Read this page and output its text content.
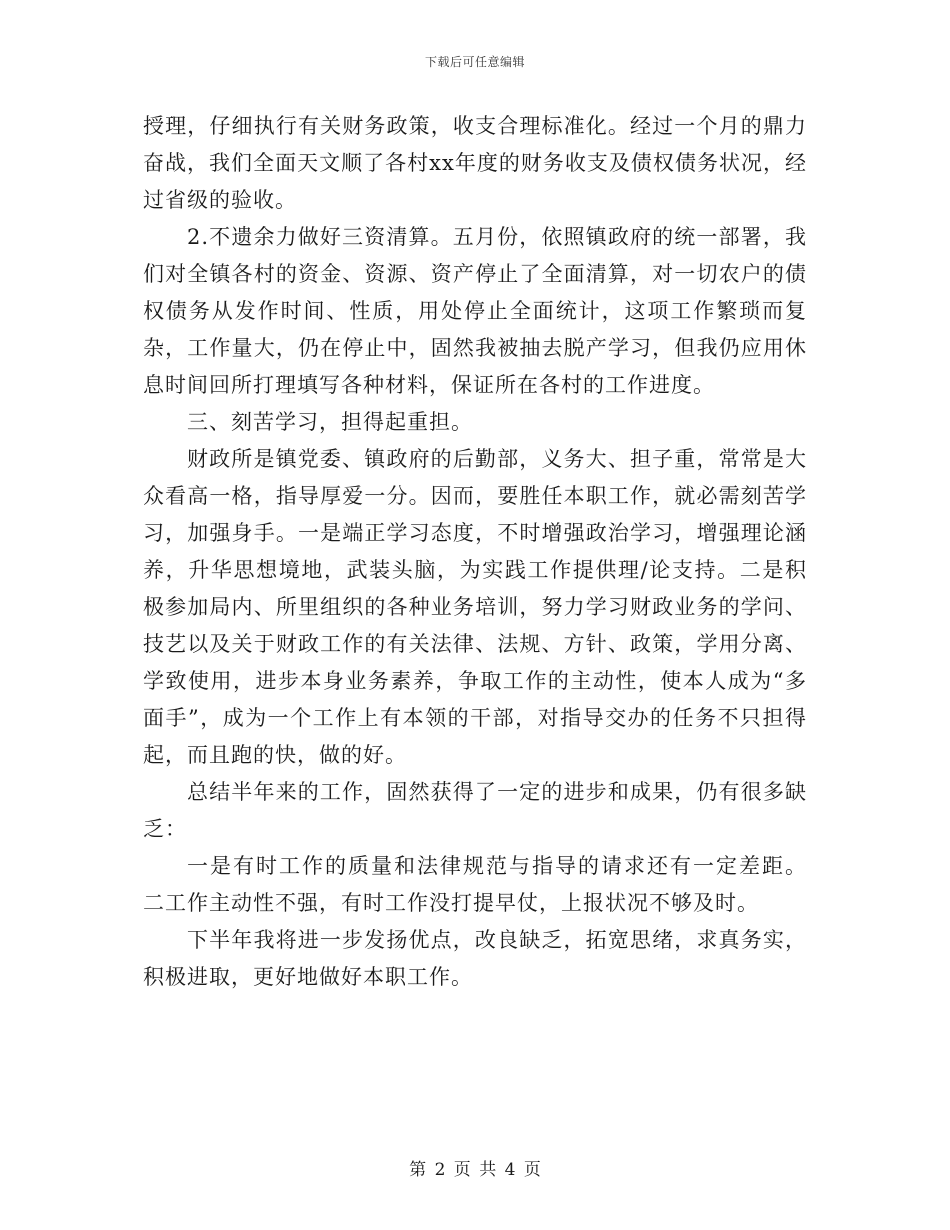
下载后可任意编辑

授理，仔细执行有关财务政策，收支合理标准化。经过一个月的鼎力奋战，我们全面天文顺了各村xx年度的财务收支及债权债务状况，经过省级的验收。

2.不遗余力做好三资清算。五月份，依照镇政府的统一部署，我们对全镇各村的资金、资源、资产停止了全面清算，对一切农户的债权债务从发作时间、性质，用处停止全面统计，这项工作繁琐而复杂，工作量大，仍在停止中，固然我被抽去脱产学习，但我仍应用休息时间回所打理填写各种材料，保证所在各村的工作进度。

三、刻苦学习，担得起重担。

财政所是镇党委、镇政府的后勤部，义务大、担子重，常常是大众看高一格，指导厚爱一分。因而，要胜任本职工作，就必需刻苦学习，加强身手。一是端正学习态度，不时增强政治学习，增强理论涵养，升华思想境地，武装头脑，为实践工作提供理/论支持。二是积极参加局内、所里组织的各种业务培训，努力学习财政业务的学问、技艺以及关于财政工作的有关法律、法规、方针、政策，学用分离、学致使用，进步本身业务素养，争取工作的主动性，使本人成为“多面手”，成为一个工作上有本领的干部，对指导交办的任务不只担得起，而且跑的快，做的好。

总结半年来的工作，固然获得了一定的进步和成果，仍有很多缺乏：

一是有时工作的质量和法律规范与指导的请求还有一定差距。 二工作主动性不强，有时工作没打提早仗，上报状况不够及时。

下半年我将进一步发扬优点，改良缺乏，拓宽思绪，求真务实，积极进取，更好地做好本职工作。

第 2 页 共 4 页
